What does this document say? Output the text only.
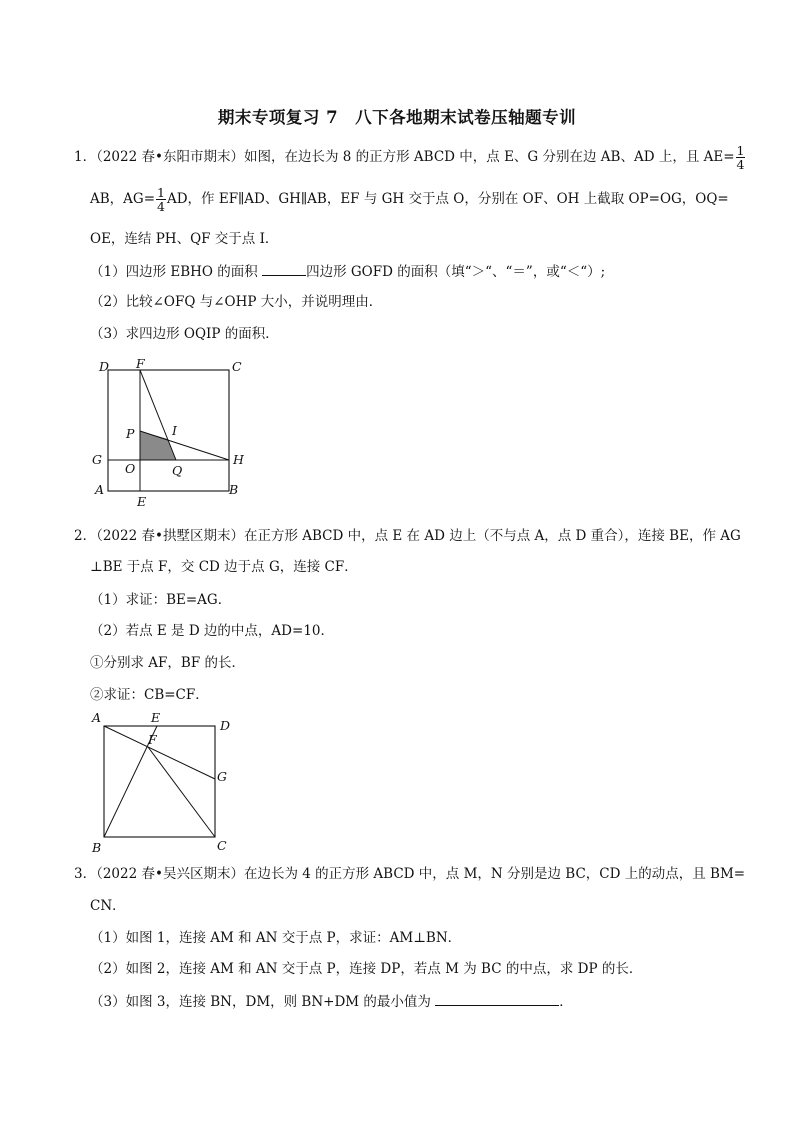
期末专项复习 7　八下各地期末试卷压轴题专训
1．（2022 春•东阳市期末）如图，在边长为 8 的正方形 ABCD 中，点 E、G 分别在边 AB、AD 上，且 $AE= \frac{1}{4}$
AB，$AG= \frac{1}{4}$ AD，作 EF∥AD、GH∥AB，EF 与 GH 交于点 O，分别在 OF、OH 上截取 OP=OG，OQ=
OE，连结 PH、QF 交于点 I．
（1）四边形 EBHO 的面积	四边形 GOFD 的面积（填“＞“、“＝”，或“＜“）;
（2）比较∠OFQ 与∠OHP 大小，并说明理由．
（3）求四边形 OQIP 的面积．
D F	C
P	I
G
O	Q
H
A
E
B
2．（2022 春•拱墅区期末）在正方形 ABCD 中，点 E 在 AD 边上（不与点 A，点 D 重合），连接 BE，作 AG
⊥BE 于点 F，交 CD 边于点 G，连接 CF．
（1）求证：BE=AG．
（2）若点 E 是 D 边的中点，AD=10．
①分别求 AF，BF 的长．
②求证：CB=CF．
A	E
D
F
G
B	C
3．（2022 春•吴兴区期末）在边长为 4 的正方形 ABCD 中，点 M，N 分别是边 BC，CD 上的动点，且 BM=
CN．
（1）如图 1，连接 AM 和 AN 交于点 P，求证：AM⊥BN．
（2）如图 2，连接 AM 和 AN 交于点 P，连接 DP，若点 M 为 BC 的中点，求 DP 的长．
（3）如图 3，连接 BN，DM，则 BN+DM 的最小值为	．
